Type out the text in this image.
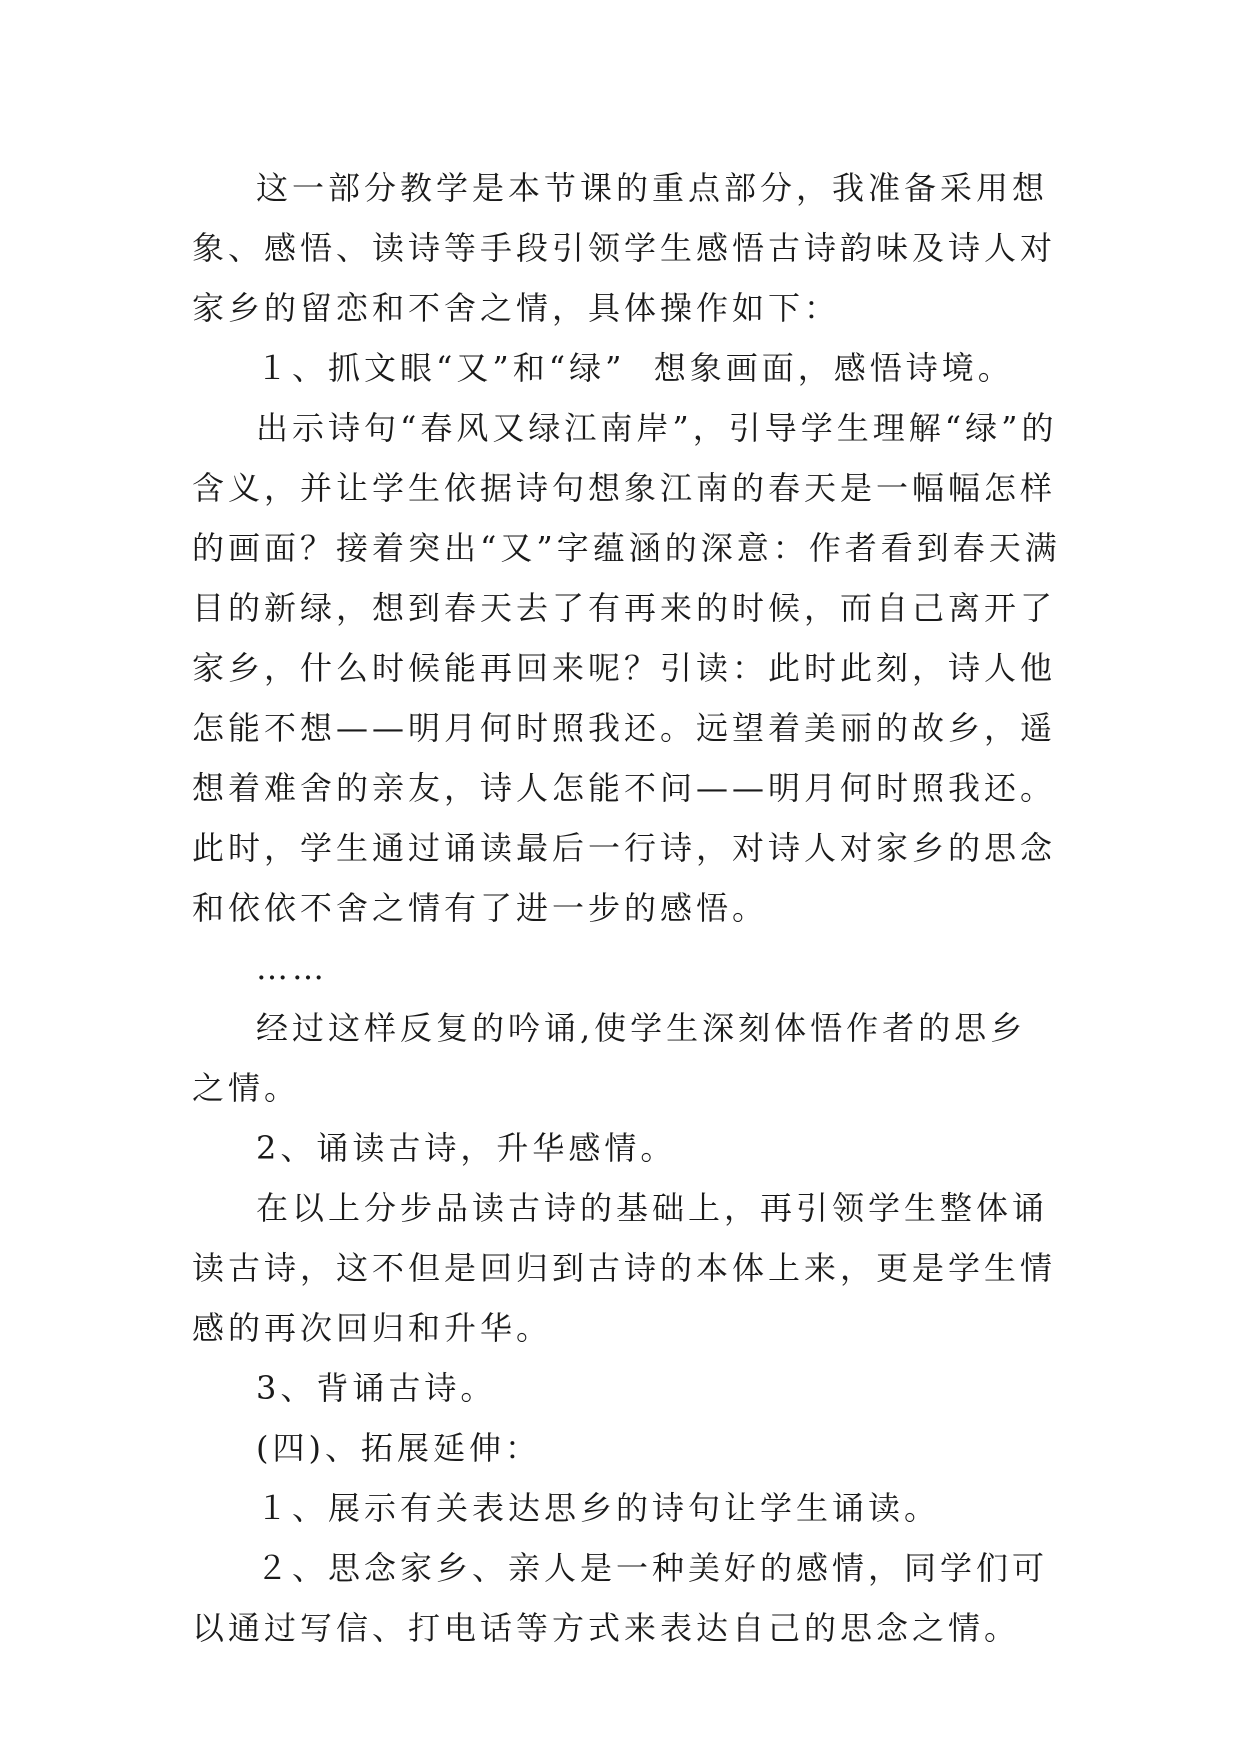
这一部分教学是本节课的重点部分，我准备采用想象、感悟、读诗等手段引领学生感悟古诗韵味及诗人对家乡的留恋和不舍之情，具体操作如下：

１、抓文眼“又”和“绿”  想象画面，感悟诗境。

出示诗句“春风又绿江南岸”，引导学生理解“绿”的含义，并让学生依据诗句想象江南的春天是一幅幅怎样的画面？接着突出“又”字蕴涵的深意：作者看到春天满目的新绿，想到春天去了有再来的时候，而自己离开了家乡，什么时候能再回来呢？引读：此时此刻，诗人他怎能不想——明月何时照我还。远望着美丽的故乡，遥想着难舍的亲友，诗人怎能不问——明月何时照我还。此时，学生通过诵读最后一行诗，对诗人对家乡的思念和依依不舍之情有了进一步的感悟。

……

经过这样反复的吟诵,使学生深刻体悟作者的思乡之情。

2、诵读古诗，升华感情。

在以上分步品读古诗的基础上，再引领学生整体诵读古诗，这不但是回归到古诗的本体上来，更是学生情感的再次回归和升华。

3、背诵古诗。

(四)、拓展延伸：

１、展示有关表达思乡的诗句让学生诵读。

２、思念家乡、亲人是一种美好的感情，同学们可以通过写信、打电话等方式来表达自己的思念之情。
